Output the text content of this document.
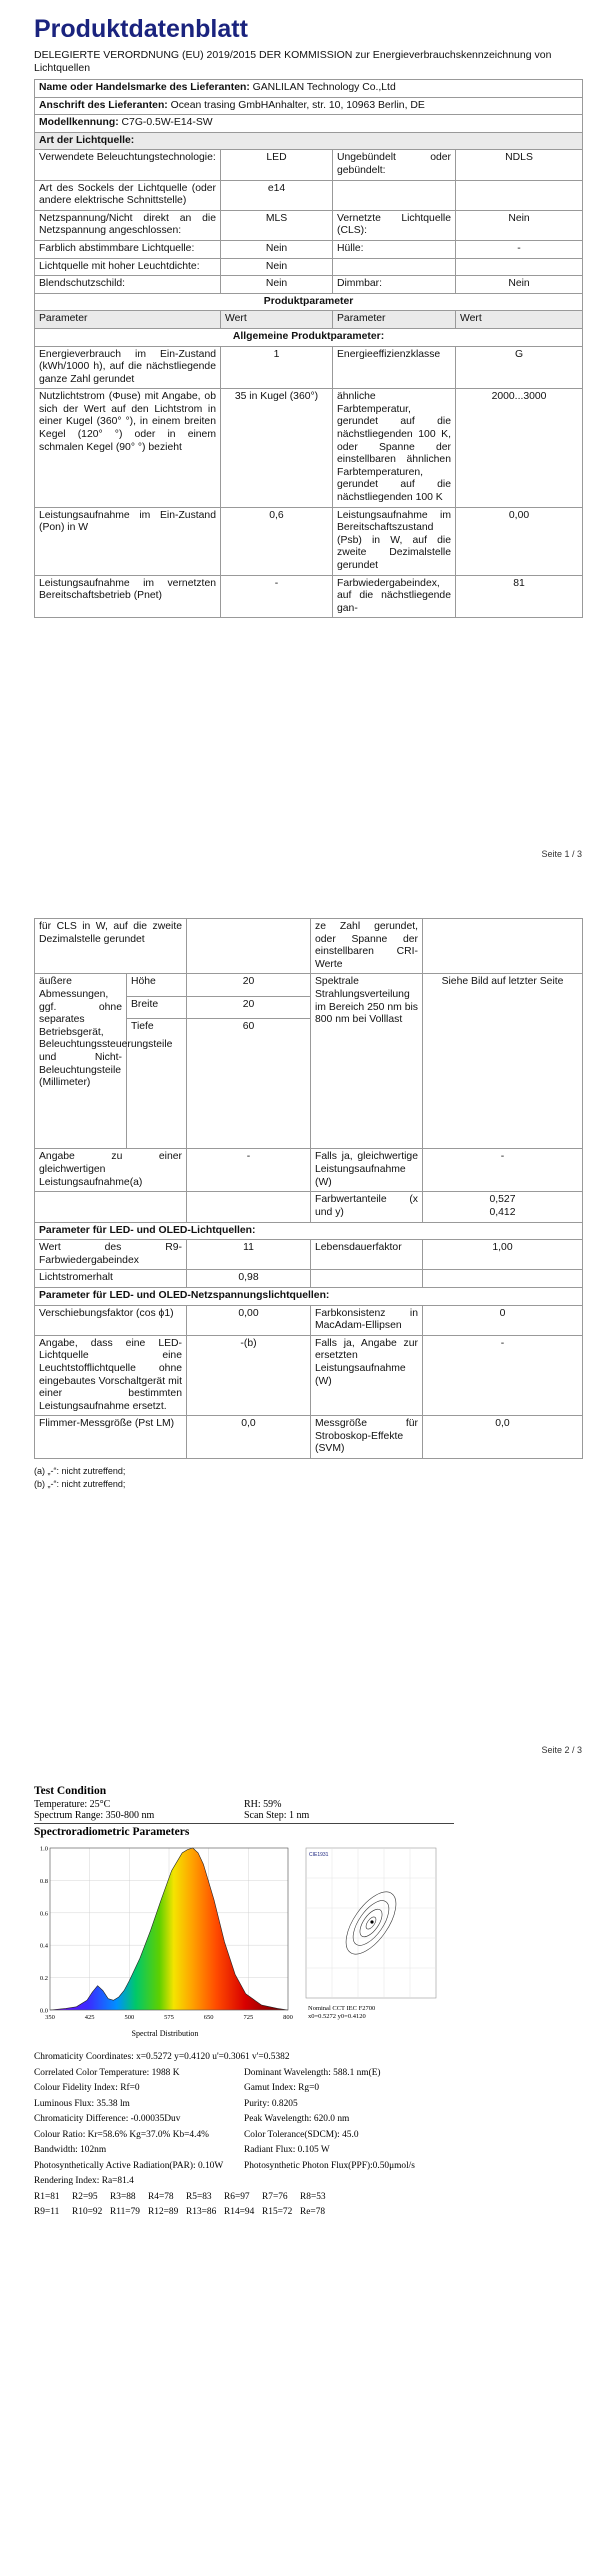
Produktdatenblatt
DELEGIERTE VERORDNUNG (EU) 2019/2015 DER KOMMISSION zur Energieverbrauchskennzeichnung von Lichtquellen
Name oder Handelsmarke des Lieferanten: GANLILAN Technology Co.,Ltd			
Anschrift des Lieferanten: Ocean trasing GmbHAnhalter, str. 10, 10963 Berlin, DE			
Modellkennung: C7G-0.5W-E14-SW			
Art der Lichtquelle:			
Verwendete Beleuchtungstechnologie:	LED	Ungebündelt oder gebündelt:	NDLS
Art des Sockels der Lichtquelle (oder andere elektrische Schnittstelle)	e14		
Netzspannung/Nicht direkt an die Netzspannung angeschlossen:	MLS	Vernetzte Lichtquelle (CLS):	Nein
Farblich abstimmbare Lichtquelle:	Nein	Hülle:	-
Lichtquelle mit hoher Leuchtdichte:	Nein		
Blendschutzschild:	Nein	Dimmbar:	Nein
Produktparameter			
Parameter	Wert	Parameter	Wert
Allgemeine Produktparameter:			
Energieverbrauch im Ein-Zustand (kWh/1000 h), auf die nächstliegende ganze Zahl gerundet	1	Energieeffizienzklasse	G
Nutzlichtstrom (Φuse) mit Angabe, ob sich der Wert auf den Lichtstrom in einer Kugel (360° °), in einem breiten Kegel (120° °) oder in einem schmalen Kegel (90° °) bezieht	35 in Kugel (360°)	ähnliche Farbtemperatur, gerundet auf die nächstliegenden 100 K, oder Spanne der einstellbaren ähnlichen Farbtemperaturen, gerundet auf die nächstliegenden 100 K	2000...3000
Leistungsaufnahme im Ein-Zustand (Pon) in W	0,6	Leistungsaufnahme im Bereitschaftszustand (Psb) in W, auf die zweite Dezimalstelle gerundet	0,00
Leistungsaufnahme im vernetzten Bereitschaftsbetrieb (Pnet)	-	Farbwiedergabeindex, auf die nächstliegende gan-	81
Seite 1 / 3
für CLS in W, auf die zweite Dezimalstelle gerundet			ze Zahl gerundet, oder Spanne der einstellbaren CRI-Werte	
äußere Abmessungen, ggf. ohne separates Betriebsgerät, Beleuchtungssteuerungsteile und Nicht-Beleuchtungsteile (Millimeter)	Höhe	20	Spektrale Strahlungsverteilung im Bereich 250 nm bis 800 nm bei Volllast	Siehe Bild auf letzter Seite
	Breite	20		
	Tiefe	60		
Angabe zu einer gleichwertigen Leistungsaufnahme(a)		-	Falls ja, gleichwertige Leistungsaufnahme (W)	-
			Farbwertanteile (x und y)	0,527
0,412

Parameter für LED- und OLED-Lichtquellen:				
Wert des R9-Farbwiedergabeindex		11	Lebensdauerfaktor	1,00
Lichtstromerhalt		0,98		
Parameter für LED- und OLED-Netzspannungslichtquellen:				
Verschiebungsfaktor (cos ϕ1)		0,00	Farbkonsistenz in MacAdam-Ellipsen	0
Angabe, dass eine LED-Lichtquelle eine Leuchtstofflichtquelle ohne eingebautes Vorschaltgerät mit einer bestimmten Leistungsaufnahme ersetzt.		-(b)	Falls ja, Angabe zur ersetzten Leistungsaufnahme (W)	-
Flimmer-Messgröße (Pst LM)		0,0	Messgröße für Stroboskop-Effekte (SVM)	0,0
(a) „-“: nicht zutreffend;
(b) „-“: nicht zutreffend;
Seite 2 / 3
Test Condition
Temperature: 25°C	RH: 59%
Spectrum Range: 350-800 nm	Scan Step: 1 nm
Spectroradiometric Parameters
0.0
0.2
0.4
0.6
0.8
1.0
350	425	500	575	650	725	800
Spectral Distribution
CIE1931
Nominal CCT IEC F2700
x0=0.5272 y0=0.4120
Chromaticity Coordinates: x=0.5272 y=0.4120 u'=0.3061 v'=0.5382
Correlated Color Temperature: 1988 K	Dominant Wavelength: 588.1 nm(E)
Colour Fidelity Index: Rf=0	Gamut Index: Rg=0
Luminous Flux: 35.38 lm	Purity: 0.8205
Chromaticity Difference: -0.00035Duv	Peak Wavelength: 620.0 nm
Colour Ratio: Kr=58.6% Kg=37.0% Kb=4.4%	Color Tolerance(SDCM): 45.0
Bandwidth: 102nm	Radiant Flux: 0.105 W
Photosynthetically Active Radiation(PAR): 0.10W	Photosynthetic Photon Flux(PPF):0.50μmol/s
Rendering Index: Ra=81.4
R1=81 R2=95 R3=88 R4=78 R5=83 R6=97 R7=76 R8=53
R9=11 R10=92 R11=79 R12=89 R13=86 R14=94 R15=72 Re=78
